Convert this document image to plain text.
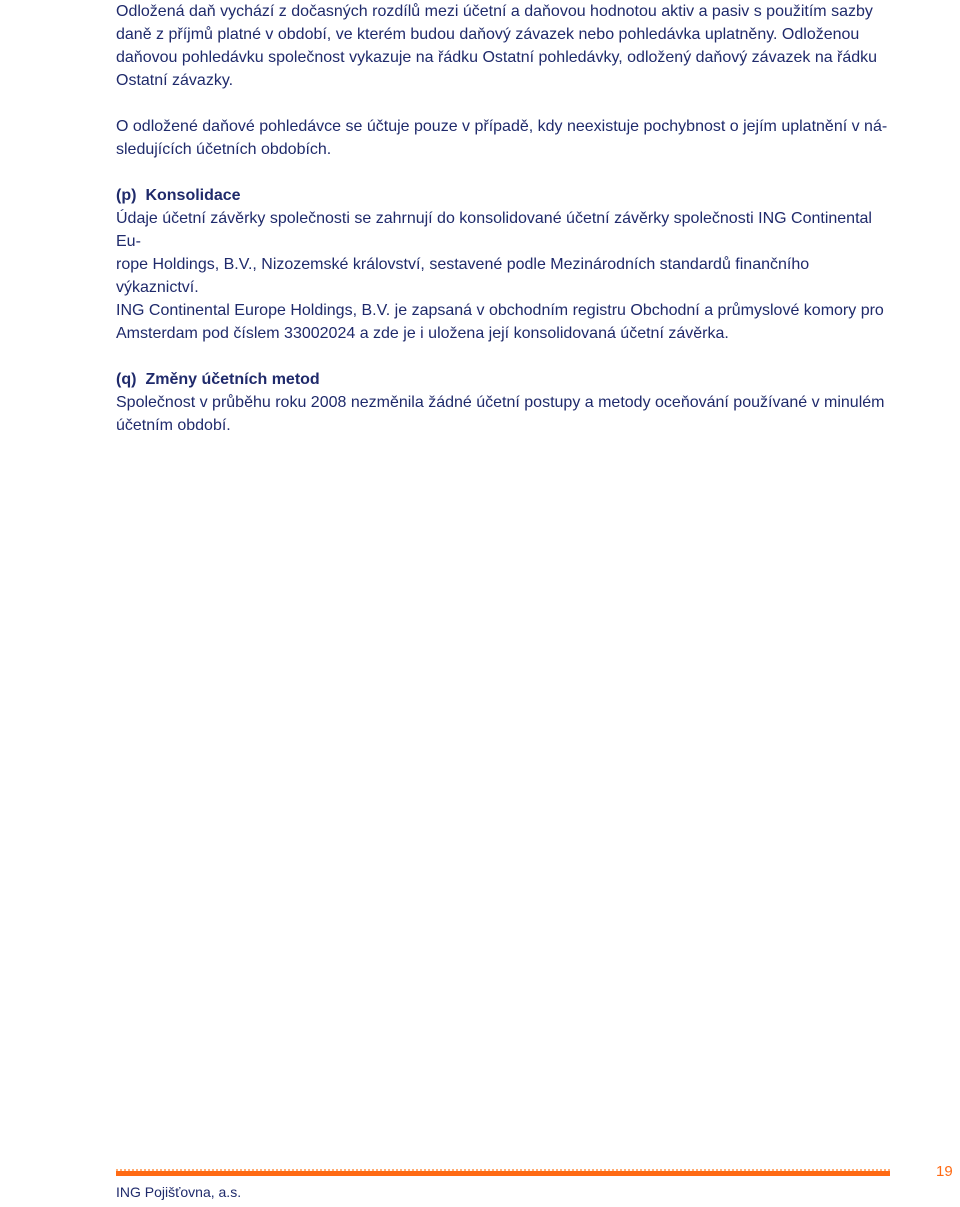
Odložená daň vychází z dočasných rozdílů mezi účetní a daňovou hodnotou aktiv a pasiv s použitím sazby

daně z příjmů platné v období, ve kterém budou daňový závazek nebo pohledávka uplatněny. Odloženou

daňovou pohledávku společnost vykazuje na řádku Ostatní pohledávky, odložený daňový závazek na řádku

Ostatní závazky.

O odložené daňové pohledávce se účtuje pouze v případě, kdy neexistuje pochybnost o jejím uplatnění v ná-

sledujících účetních obdobích.

(p) Konsolidace

Údaje účetní závěrky společnosti se zahrnují do konsolidované účetní závěrky společnosti ING Continental Eu-

rope Holdings, B.V., Nizozemské království, sestavené podle Mezinárodních standardů finančního výkaznictví.

ING Continental Europe Holdings, B.V. je zapsaná v obchodním registru Obchodní a průmyslové komory pro

Amsterdam pod číslem 33002024 a zde je i uložena její konsolidovaná účetní závěrka.

(q) Změny účetních metod

Společnost v průběhu roku 2008 nezměnila žádné účetní postupy a metody oceňování používané v minulém

účetním období.

19
ING Pojišťovna, a.s.
